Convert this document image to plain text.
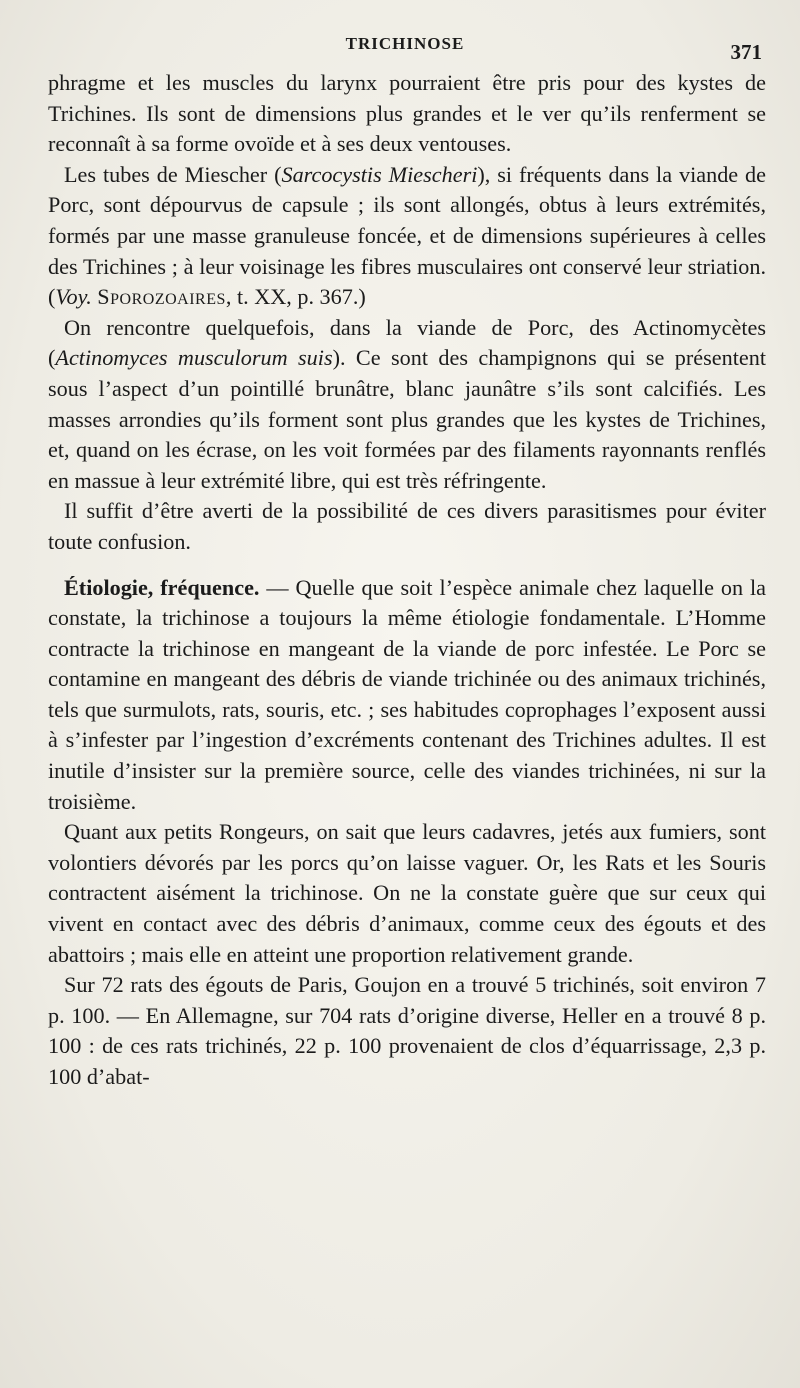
TRICHINOSE	371

phragme et les muscles du larynx pourraient être pris pour des kystes de Trichines. Ils sont de dimensions plus grandes et le ver qu’ils renferment se reconnaît à sa forme ovoïde et à ses deux ventouses.

Les tubes de Miescher (Sarcocystis Miescheri), si fréquents dans la viande de Porc, sont dépourvus de capsule ; ils sont allongés, obtus à leurs extrémités, formés par une masse granuleuse foncée, et de dimensions supérieures à celles des Trichines ; à leur voisinage les fibres musculaires ont conservé leur striation. (Voy. Sporozoaires, t. XX, p. 367.)

On rencontre quelquefois, dans la viande de Porc, des Actinomycètes (Actinomyces musculorum suis). Ce sont des champignons qui se présentent sous l’aspect d’un pointillé brunâtre, blanc jaunâtre s’ils sont calcifiés. Les masses arrondies qu’ils forment sont plus grandes que les kystes de Trichines, et, quand on les écrase, on les voit formées par des filaments rayonnants renflés en massue à leur extrémité libre, qui est très réfringente.

Il suffit d’être averti de la possibilité de ces divers parasitismes pour éviter toute confusion.

Étiologie, fréquence. — Quelle que soit l’espèce animale chez laquelle on la constate, la trichinose a toujours la même étiologie fondamentale. L’Homme contracte la trichinose en mangeant de la viande de porc infestée. Le Porc se contamine en mangeant des débris de viande trichinée ou des animaux trichinés, tels que surmulots, rats, souris, etc. ; ses habitudes coprophages l’exposent aussi à s’infester par l’ingestion d’excréments contenant des Trichines adultes. Il est inutile d’insister sur la première source, celle des viandes trichinées, ni sur la troisième.

Quant aux petits Rongeurs, on sait que leurs cadavres, jetés aux fumiers, sont volontiers dévorés par les porcs qu’on laisse vaguer. Or, les Rats et les Souris contractent aisément la trichinose. On ne la constate guère que sur ceux qui vivent en contact avec des débris d’animaux, comme ceux des égouts et des abattoirs ; mais elle en atteint une proportion relativement grande.

Sur 72 rats des égouts de Paris, Goujon en a trouvé 5 trichinés, soit environ 7 p. 100. — En Allemagne, sur 704 rats d’origine diverse, Heller en a trouvé 8 p. 100 : de ces rats trichinés, 22 p. 100 provenaient de clos d’équarrissage, 2,3 p. 100 d’abat-
